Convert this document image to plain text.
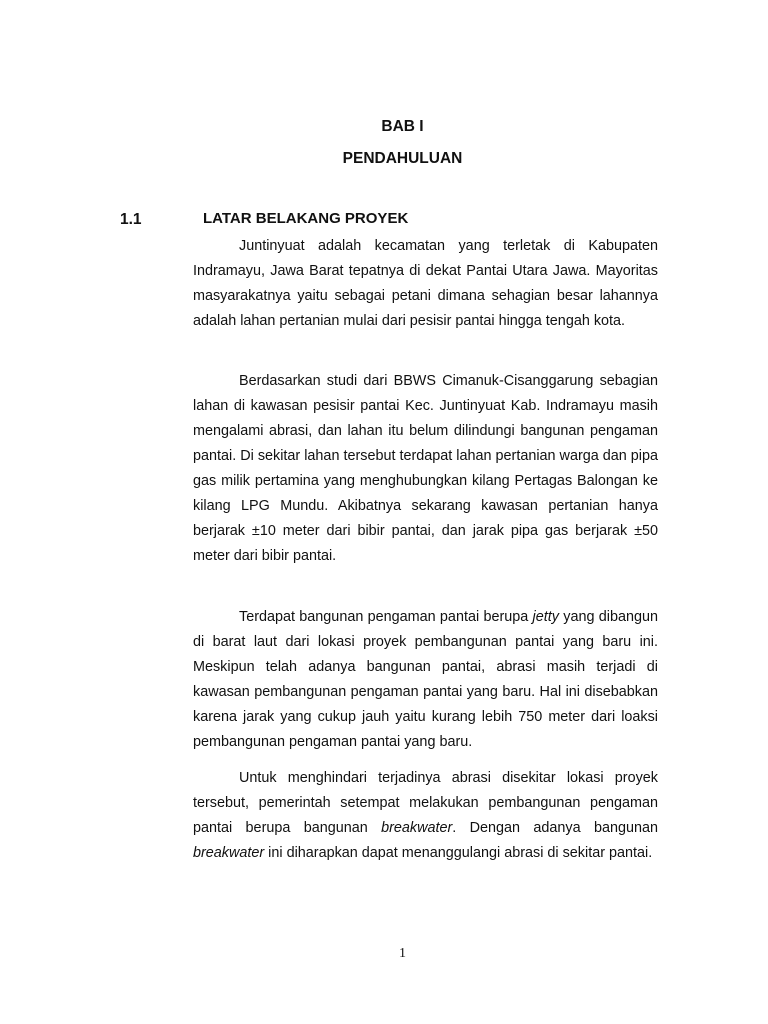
BAB I
PENDAHULUAN
1.1	LATAR BELAKANG PROYEK

Juntinyuat adalah kecamatan yang terletak di Kabupaten Indramayu, Jawa Barat tepatnya di dekat Pantai Utara Jawa. Mayoritas masyarakatnya yaitu sebagai petani dimana sehagian besar lahannya adalah lahan pertanian mulai dari pesisir pantai hingga tengah kota.

Berdasarkan studi dari BBWS Cimanuk-Cisanggarung sebagian lahan di kawasan pesisir pantai Kec. Juntinyuat Kab. Indramayu masih mengalami abrasi, dan lahan itu belum dilindungi bangunan pengaman pantai. Di sekitar lahan tersebut terdapat lahan pertanian warga dan pipa gas milik pertamina yang menghubungkan kilang Pertagas Balongan ke kilang LPG Mundu. Akibatnya sekarang kawasan pertanian hanya berjarak ±10 meter dari bibir pantai, dan jarak pipa gas berjarak ±50 meter dari bibir pantai.

Terdapat bangunan pengaman pantai berupa jetty yang dibangun di barat laut dari lokasi proyek pembangunan pantai yang baru ini. Meskipun telah adanya bangunan pantai, abrasi masih terjadi di kawasan pembangunan pengaman pantai yang baru. Hal ini disebabkan karena jarak yang cukup jauh yaitu kurang lebih 750 meter dari loaksi pembangunan pengaman pantai yang baru.

Untuk menghindari terjadinya abrasi disekitar lokasi proyek tersebut, pemerintah setempat melakukan pembangunan pengaman pantai berupa bangunan breakwater. Dengan adanya bangunan breakwater ini diharapkan dapat menanggulangi abrasi di sekitar pantai.

1
